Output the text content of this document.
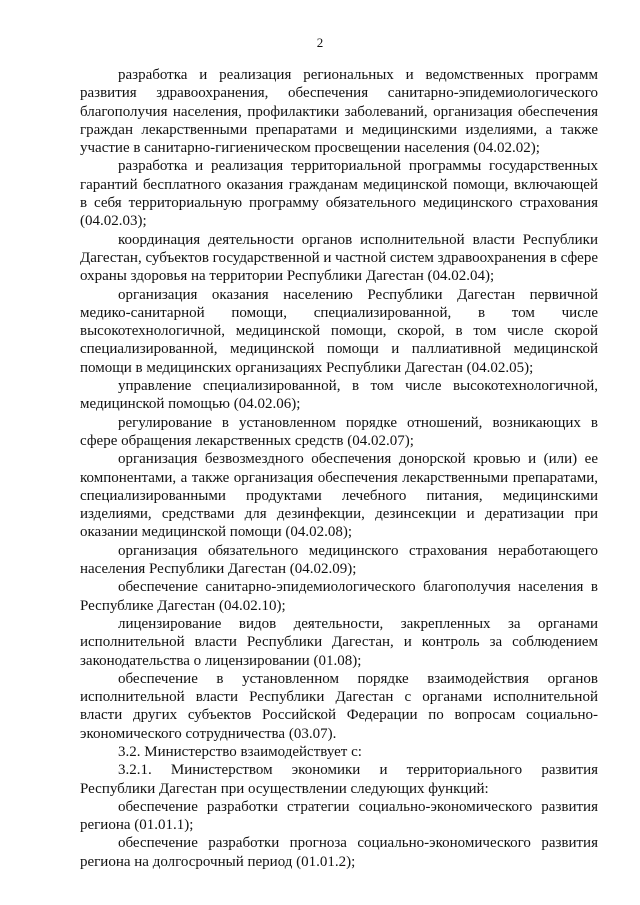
2

разработка и реализация региональных и ведомственных программ развития здравоохранения, обеспечения санитарно-эпидемиологического благополучия населения, профилактики заболеваний, организация обеспечения граждан лекарственными препаратами и медицинскими изделиями, а также участие в санитарно-гигиеническом просвещении населения (04.02.02);

разработка и реализация территориальной программы государственных гарантий бесплатного оказания гражданам медицинской помощи, включающей в себя территориальную программу обязательного медицинского страхования (04.02.03);

координация деятельности органов исполнительной власти Республики Дагестан, субъектов государственной и частной систем здравоохранения в сфере охраны здоровья на территории Республики Дагестан (04.02.04);

организация оказания населению Республики Дагестан первичной медико-санитарной помощи, специализированной, в том числе высокотехнологичной, медицинской помощи, скорой, в том числе скорой специализированной, медицинской помощи и паллиативной медицинской помощи в медицинских организациях Республики Дагестан (04.02.05);

управление специализированной, в том числе высокотехнологичной, медицинской помощью (04.02.06);

регулирование в установленном порядке отношений, возникающих в сфере обращения лекарственных средств (04.02.07);

организация безвозмездного обеспечения донорской кровью и (или) ее компонентами, а также организация обеспечения лекарственными препаратами, специализированными продуктами лечебного питания, медицинскими изделиями, средствами для дезинфекции, дезинсекции и дератизации при оказании медицинской помощи (04.02.08);

организация обязательного медицинского страхования неработающего населения Республики Дагестан (04.02.09);

обеспечение санитарно-эпидемиологического благополучия населения в Республике Дагестан (04.02.10);

лицензирование видов деятельности, закрепленных за органами исполнительной власти Республики Дагестан, и контроль за соблюдением законодательства о лицензировании (01.08);

обеспечение в установленном порядке взаимодействия органов исполнительной власти Республики Дагестан с органами исполнительной власти других субъектов Российской Федерации по вопросам социально-экономического сотрудничества (03.07).

3.2. Министерство взаимодействует с:

3.2.1. Министерством экономики и территориального развития Республики Дагестан при осуществлении следующих функций:

обеспечение разработки стратегии социально-экономического развития региона (01.01.1);

обеспечение разработки прогноза социально-экономического развития региона на долгосрочный период (01.01.2);
